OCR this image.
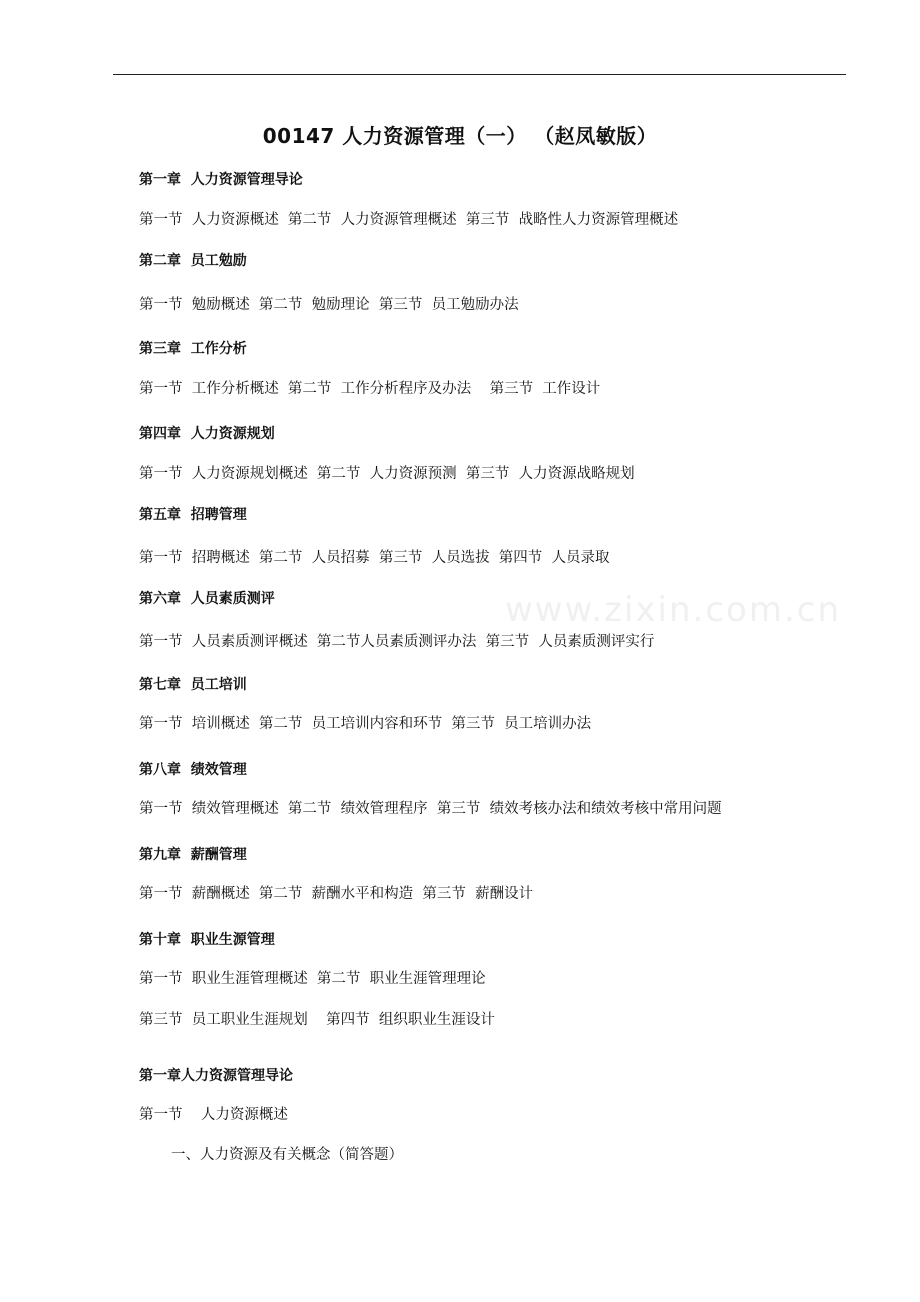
www.zixin.com.cn
00147 人力资源管理（一） （赵凤敏版）
第一章  人力资源管理导论
第一节  人力资源概述  第二节  人力资源管理概述  第三节  战略性人力资源管理概述
第二章  员工勉励
第一节  勉励概述  第二节  勉励理论  第三节  员工勉励办法
第三章  工作分析
第一节  工作分析概述  第二节  工作分析程序及办法    第三节  工作设计
第四章  人力资源规划
第一节  人力资源规划概述  第二节  人力资源预测  第三节  人力资源战略规划
第五章  招聘管理
第一节  招聘概述  第二节  人员招募  第三节  人员选拔  第四节  人员录取
第六章  人员素质测评
第一节  人员素质测评概述  第二节人员素质测评办法  第三节  人员素质测评实行
第七章  员工培训
第一节  培训概述  第二节  员工培训内容和环节  第三节  员工培训办法
第八章  绩效管理
第一节  绩效管理概述  第二节  绩效管理程序  第三节  绩效考核办法和绩效考核中常用问题
第九章  薪酬管理
第一节  薪酬概述  第二节  薪酬水平和构造  第三节  薪酬设计
第十章  职业生源管理
第一节  职业生涯管理概述  第二节  职业生涯管理理论
第三节  员工职业生涯规划    第四节  组织职业生涯设计
第一章人力资源管理导论
第一节    人力资源概述
一、人力资源及有关概念（简答题）
